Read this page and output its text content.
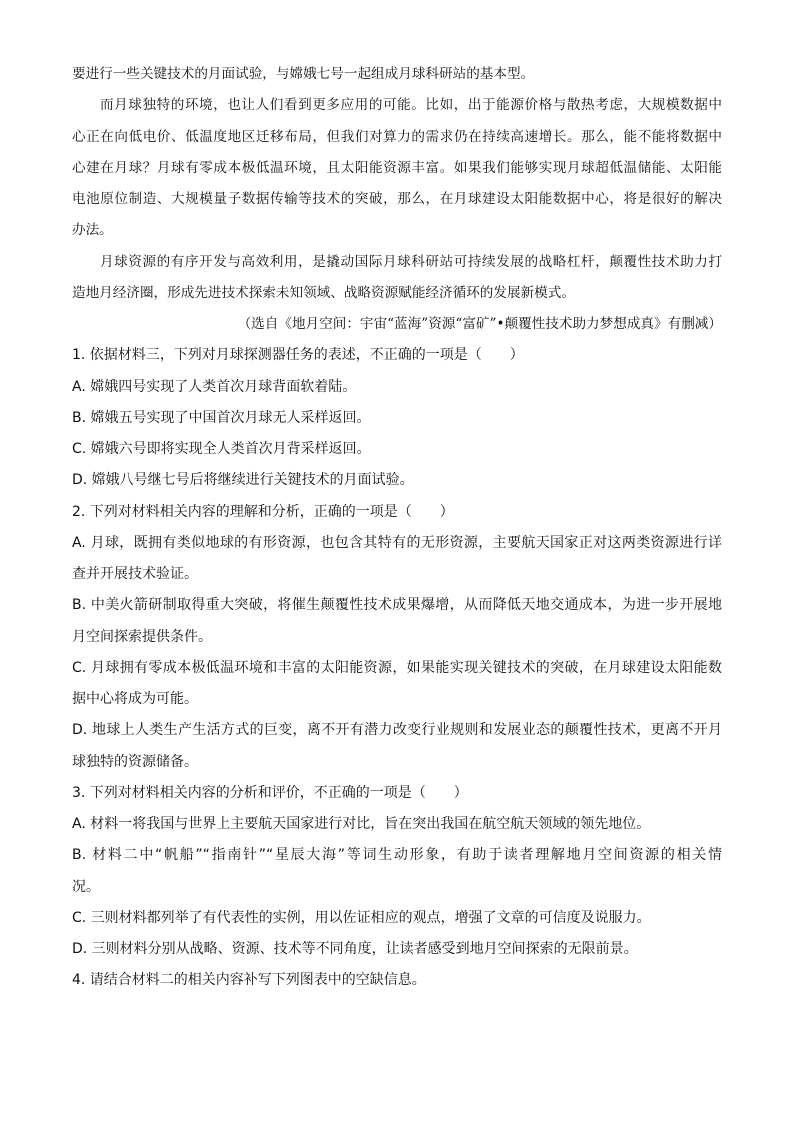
要进行一些关键技术的月面试验，与嫦娥七号一起组成月球科研站的基本型。
而月球独特的环境，也让人们看到更多应用的可能。比如，出于能源价格与散热考虑，大规模数据中
心正在向低电价、低温度地区迁移布局，但我们对算力的需求仍在持续高速增长。那么，能不能将数据中
心建在月球？月球有零成本极低温环境，且太阳能资源丰富。如果我们能够实现月球超低温储能、太阳能
电池原位制造、大规模量子数据传输等技术的突破，那么，在月球建设太阳能数据中心，将是很好的解决
办法。
月球资源的有序开发与高效利用，是撬动国际月球科研站可持续发展的战略杠杆，颠覆性技术助力打
造地月经济圈，形成先进技术探索未知领域、战略资源赋能经济循环的发展新模式。
（选自《地月空间：宇宙“蓝海”资源“富矿”•颠覆性技术助力梦想成真》有删减）
1. 依据材料三，下列对月球探测器任务的表述，不正确的一项是（　　）
A. 嫦娥四号实现了人类首次月球背面软着陆。
B. 嫦娥五号实现了中国首次月球无人采样返回。
C. 嫦娥六号即将实现全人类首次月背采样返回。
D. 嫦娥八号继七号后将继续进行关键技术的月面试验。
2. 下列对材料相关内容的理解和分析，正确的一项是（　　）
A. 月球，既拥有类似地球的有形资源，也包含其特有的无形资源，主要航天国家正对这两类资源进行详
查并开展技术验证。
B. 中美火箭研制取得重大突破，将催生颠覆性技术成果爆增，从而降低天地交通成本，为进一步开展地
月空间探索提供条件。
C. 月球拥有零成本极低温环境和丰富的太阳能资源，如果能实现关键技术的突破，在月球建设太阳能数
据中心将成为可能。
D. 地球上人类生产生活方式的巨变，离不开有潜力改变行业规则和发展业态的颠覆性技术，更离不开月
球独特的资源储备。
3. 下列对材料相关内容的分析和评价，不正确的一项是（　　）
A. 材料一将我国与世界上主要航天国家进行对比，旨在突出我国在航空航天领域的领先地位。
B. 材料二中“帆船”“指南针”“星辰大海”等词生动形象，有助于读者理解地月空间资源的相关情
况。
C. 三则材料都列举了有代表性的实例，用以佐证相应的观点，增强了文章的可信度及说服力。
D. 三则材料分别从战略、资源、技术等不同角度，让读者感受到地月空间探索的无限前景。
4. 请结合材料二的相关内容补写下列图表中的空缺信息。
